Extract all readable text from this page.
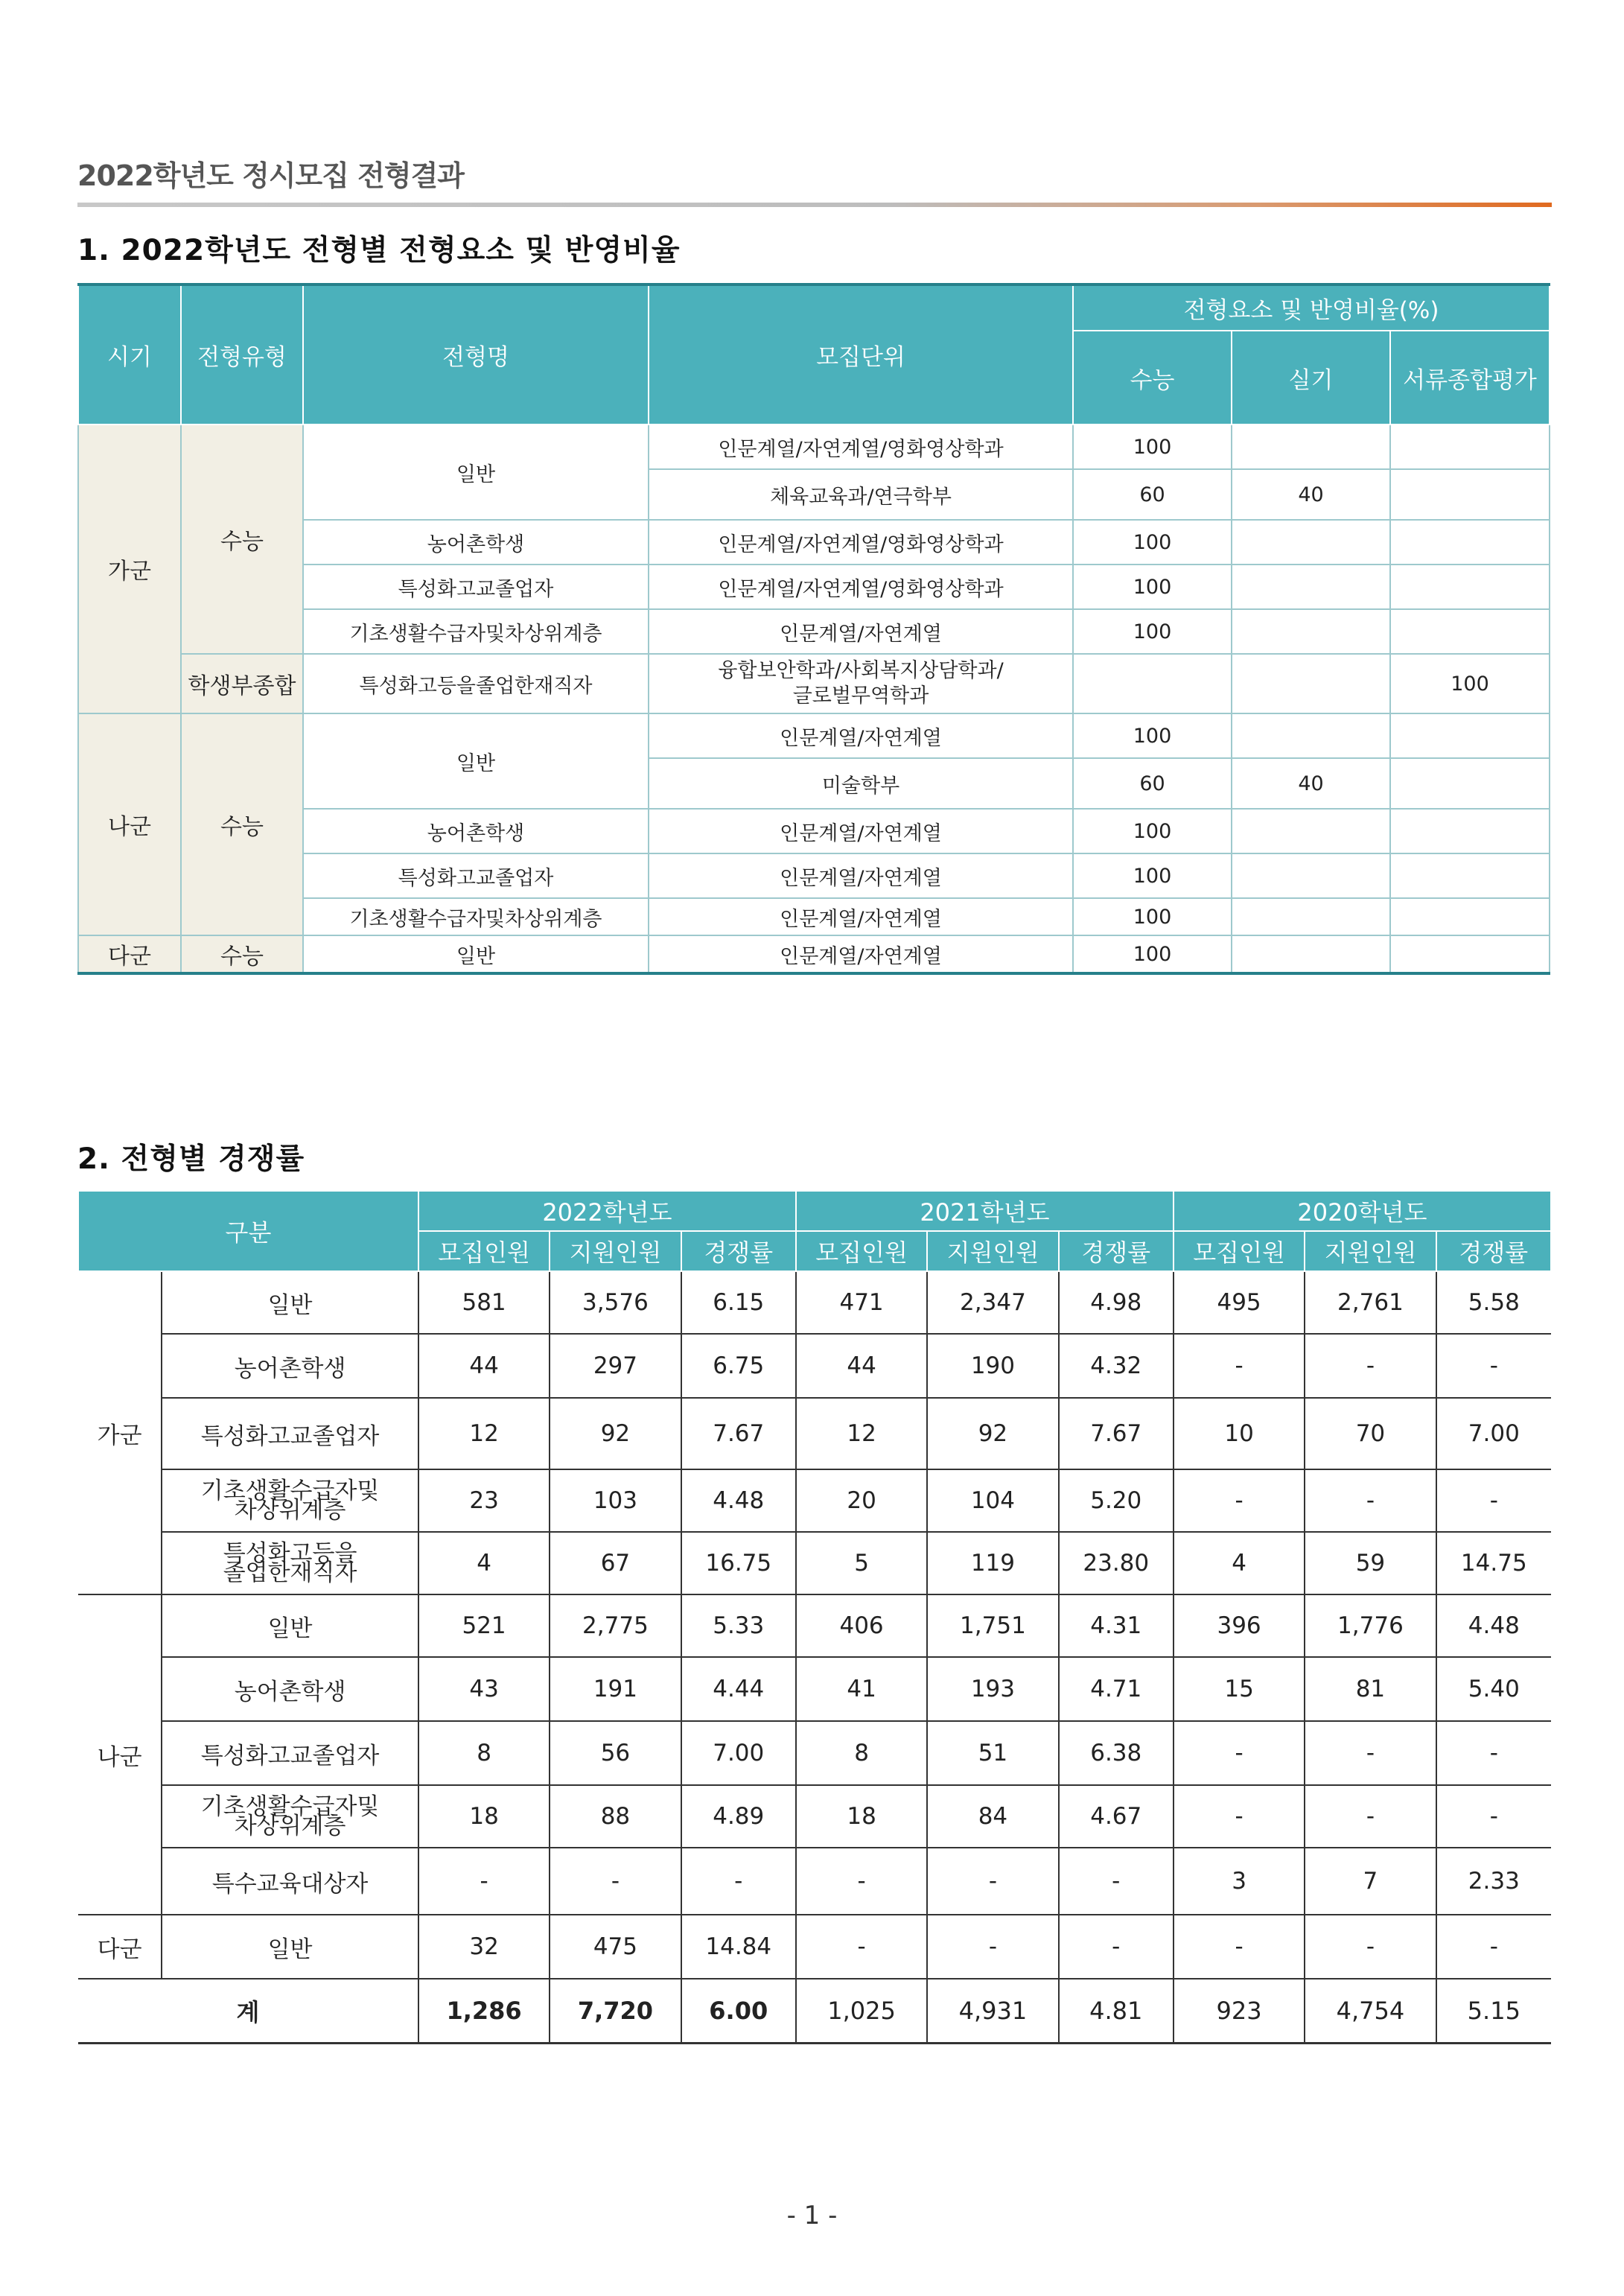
2022학년도 정시모집 전형결과
1. 2022학년도 전형별 전형요소 및 반영비율
시기	전형유형	전형명	모집단위	전형요소 및 반영비율(%)		
				수능	실기	서류종합평가
가군	수능	일반	인문계열/자연계열/영화영상학과	100		
			체육교육과/연극학부	60	40	
		농어촌학생	인문계열/자연계열/영화영상학과	100		
		특성화고교졸업자	인문계열/자연계열/영화영상학과	100		
		기초생활수급자및차상위계층	인문계열/자연계열	100		
	학생부종합	특성화고등을졸업한재직자	융합보안학과/사회복지상담학과/
글로벌무역학과			100
나군	수능	일반	인문계열/자연계열	100		
			미술학부	60	40	
		농어촌학생	인문계열/자연계열	100		
		특성화고교졸업자	인문계열/자연계열	100		
		기초생활수급자및차상위계층	인문계열/자연계열	100		
다군	수능	일반	인문계열/자연계열	100		
2. 전형별 경쟁률
구분		2022학년도			2021학년도			2020학년도		
		모집인원	지원인원	경쟁률	모집인원	지원인원	경쟁률	모집인원	지원인원	경쟁률
가군	일반	581	3,576	6.15	471	2,347	4.98	495	2,761	5.58
	농어촌학생	44	297	6.75	44	190	4.32	-	-	-
	특성화고교졸업자	12	92	7.67	12	92	7.67	10	70	7.00

	기초생활수급자및
차상위계층	23	103	4.48	20	104	5.20	-	-	-

	특성화고등을
졸업한재직자	4	67	16.75	5	119	23.80	4	59	14.75
나군	일반	521	2,775	5.33	406	1,751	4.31	396	1,776	4.48
	농어촌학생	43	191	4.44	41	193	4.71	15	81	5.40
	특성화고교졸업자	8	56	7.00	8	51	6.38	-	-	-

	기초생활수급자및
차상위계층	18	88	4.89	18	84	4.67	-	-	-
	특수교육대상자	-	-	-	-	-	-	3	7	2.33
다군	일반	32	475	14.84	-	-	-	-	-	-
계		1,286	7,720	6.00	1,025	4,931	4.81	923	4,754	5.15
- 1 -
